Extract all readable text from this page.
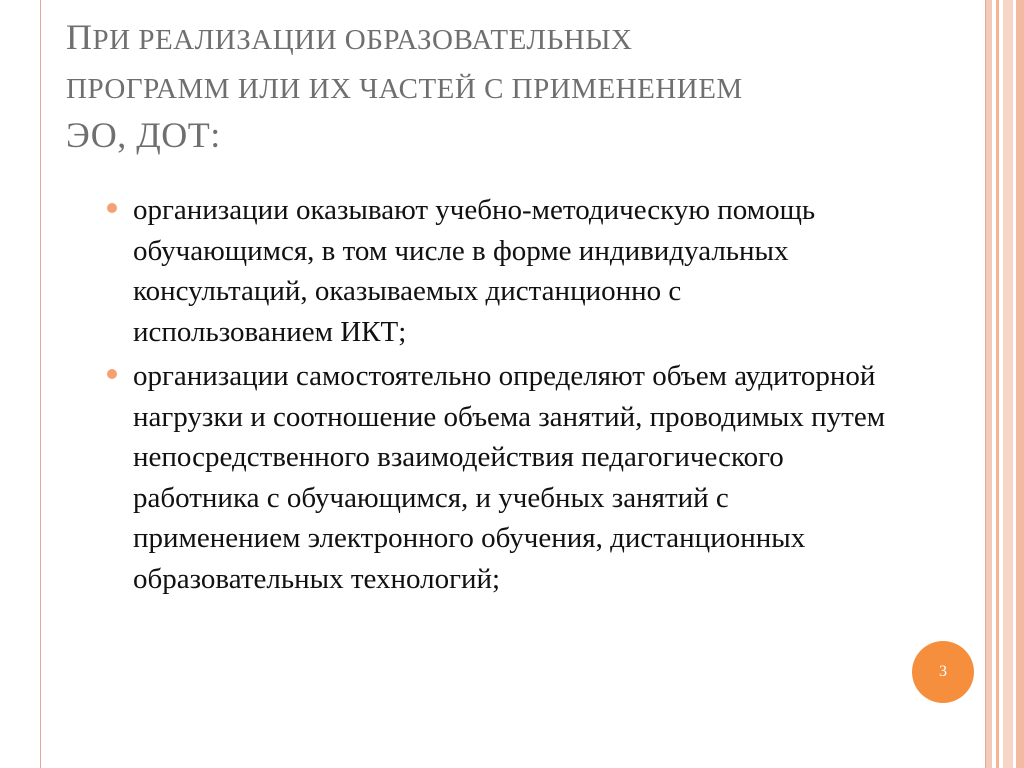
ПРИ РЕАЛИЗАЦИИ ОБРАЗОВАТЕЛЬНЫХ
ПРОГРАММ ИЛИ ИХ ЧАСТЕЙ С ПРИМЕНЕНИЕМ
ЭО, ДОТ:
организации оказывают учебно-методическую помощь обучающимся, в том числе в форме индивидуальных консультаций, оказываемых дистанционно с использованием ИКТ;
организации самостоятельно определяют объем аудиторной нагрузки и соотношение объема занятий, проводимых путем непосредственного взаимодействия педагогического работника с обучающимся, и учебных занятий с применением электронного обучения, дистанционных образовательных технологий;
3
